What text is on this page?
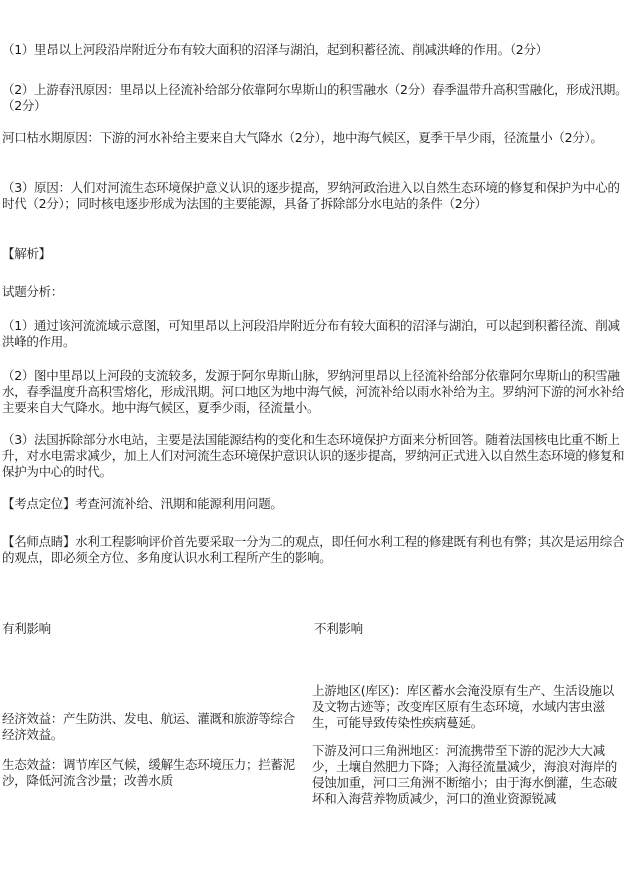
（1）里昂以上河段沿岸附近分布有较大面积的沼泽与湖泊，起到积蓄径流、削减洪峰的作用。（2分）

（2）上游春汛原因：里昂以上径流补给部分依靠阿尔卑斯山的积雪融水（2分）春季温带升高积雪融化，形成汛期。（2分）

河口枯水期原因：下游的河水补给主要来自大气降水（2分），地中海气候区，夏季干旱少雨，径流量小（2分）。

（3）原因：人们对河流生态环境保护意义认识的逐步提高，罗纳河政治进入以自然生态环境的修复和保护为中心的时代（2分）；同时核电逐步形成为法国的主要能源，具备了拆除部分水电站的条件（2分）

【解析】

试题分析：

（1）通过该河流流域示意图，可知里昂以上河段沿岸附近分布有较大面积的沼泽与湖泊，可以起到积蓄径流、削减洪峰的作用。

（2）图中里昂以上河段的支流较多，发源于阿尔卑斯山脉，罗纳河里昂以上径流补给部分依靠阿尔卑斯山的积雪融水，春季温度升高积雪熔化，形成汛期。河口地区为地中海气候，河流补给以雨水补给为主。罗纳河下游的河水补给主要来自大气降水。地中海气候区，夏季少雨，径流量小。

（3）法国拆除部分水电站，主要是法国能源结构的变化和生态环境保护方面来分析回答。随着法国核电比重不断上升，对水电需求减少，加上人们对河流生态环境保护意识认识的逐步提高，罗纳河正式进入以自然生态环境的修复和保护为中心的时代。

【考点定位】考查河流补给、汛期和能源利用问题。

【名师点睛】水利工程影响评价首先要采取一分为二的观点，即任何水利工程的修建既有利也有弊；其次是运用综合的观点，即必须全方位、多角度认识水利工程所产生的影响。

有利影响	不利影响
经济效益：产生防洪、发电、航运、灌溉和旅游等综合经济效益。
生态效益：调节库区气候，缓解生态环境压力；拦蓄泥沙，降低河流含沙量；改善水质
上游地区(库区)：库区蓄水会淹没原有生产、生活设施以及文物古迹等；改变库区原有生态环境，水域内害虫滋生，可能导致传染性疾病蔓延。
下游及河口三角洲地区：河流携带至下游的泥沙大大减少，土壤自然肥力下降；入海径流量减少，海浪对海岸的侵蚀加重，河口三角洲不断缩小；由于海水倒灌，生态破坏和入海营养物质减少，河口的渔业资源锐减
